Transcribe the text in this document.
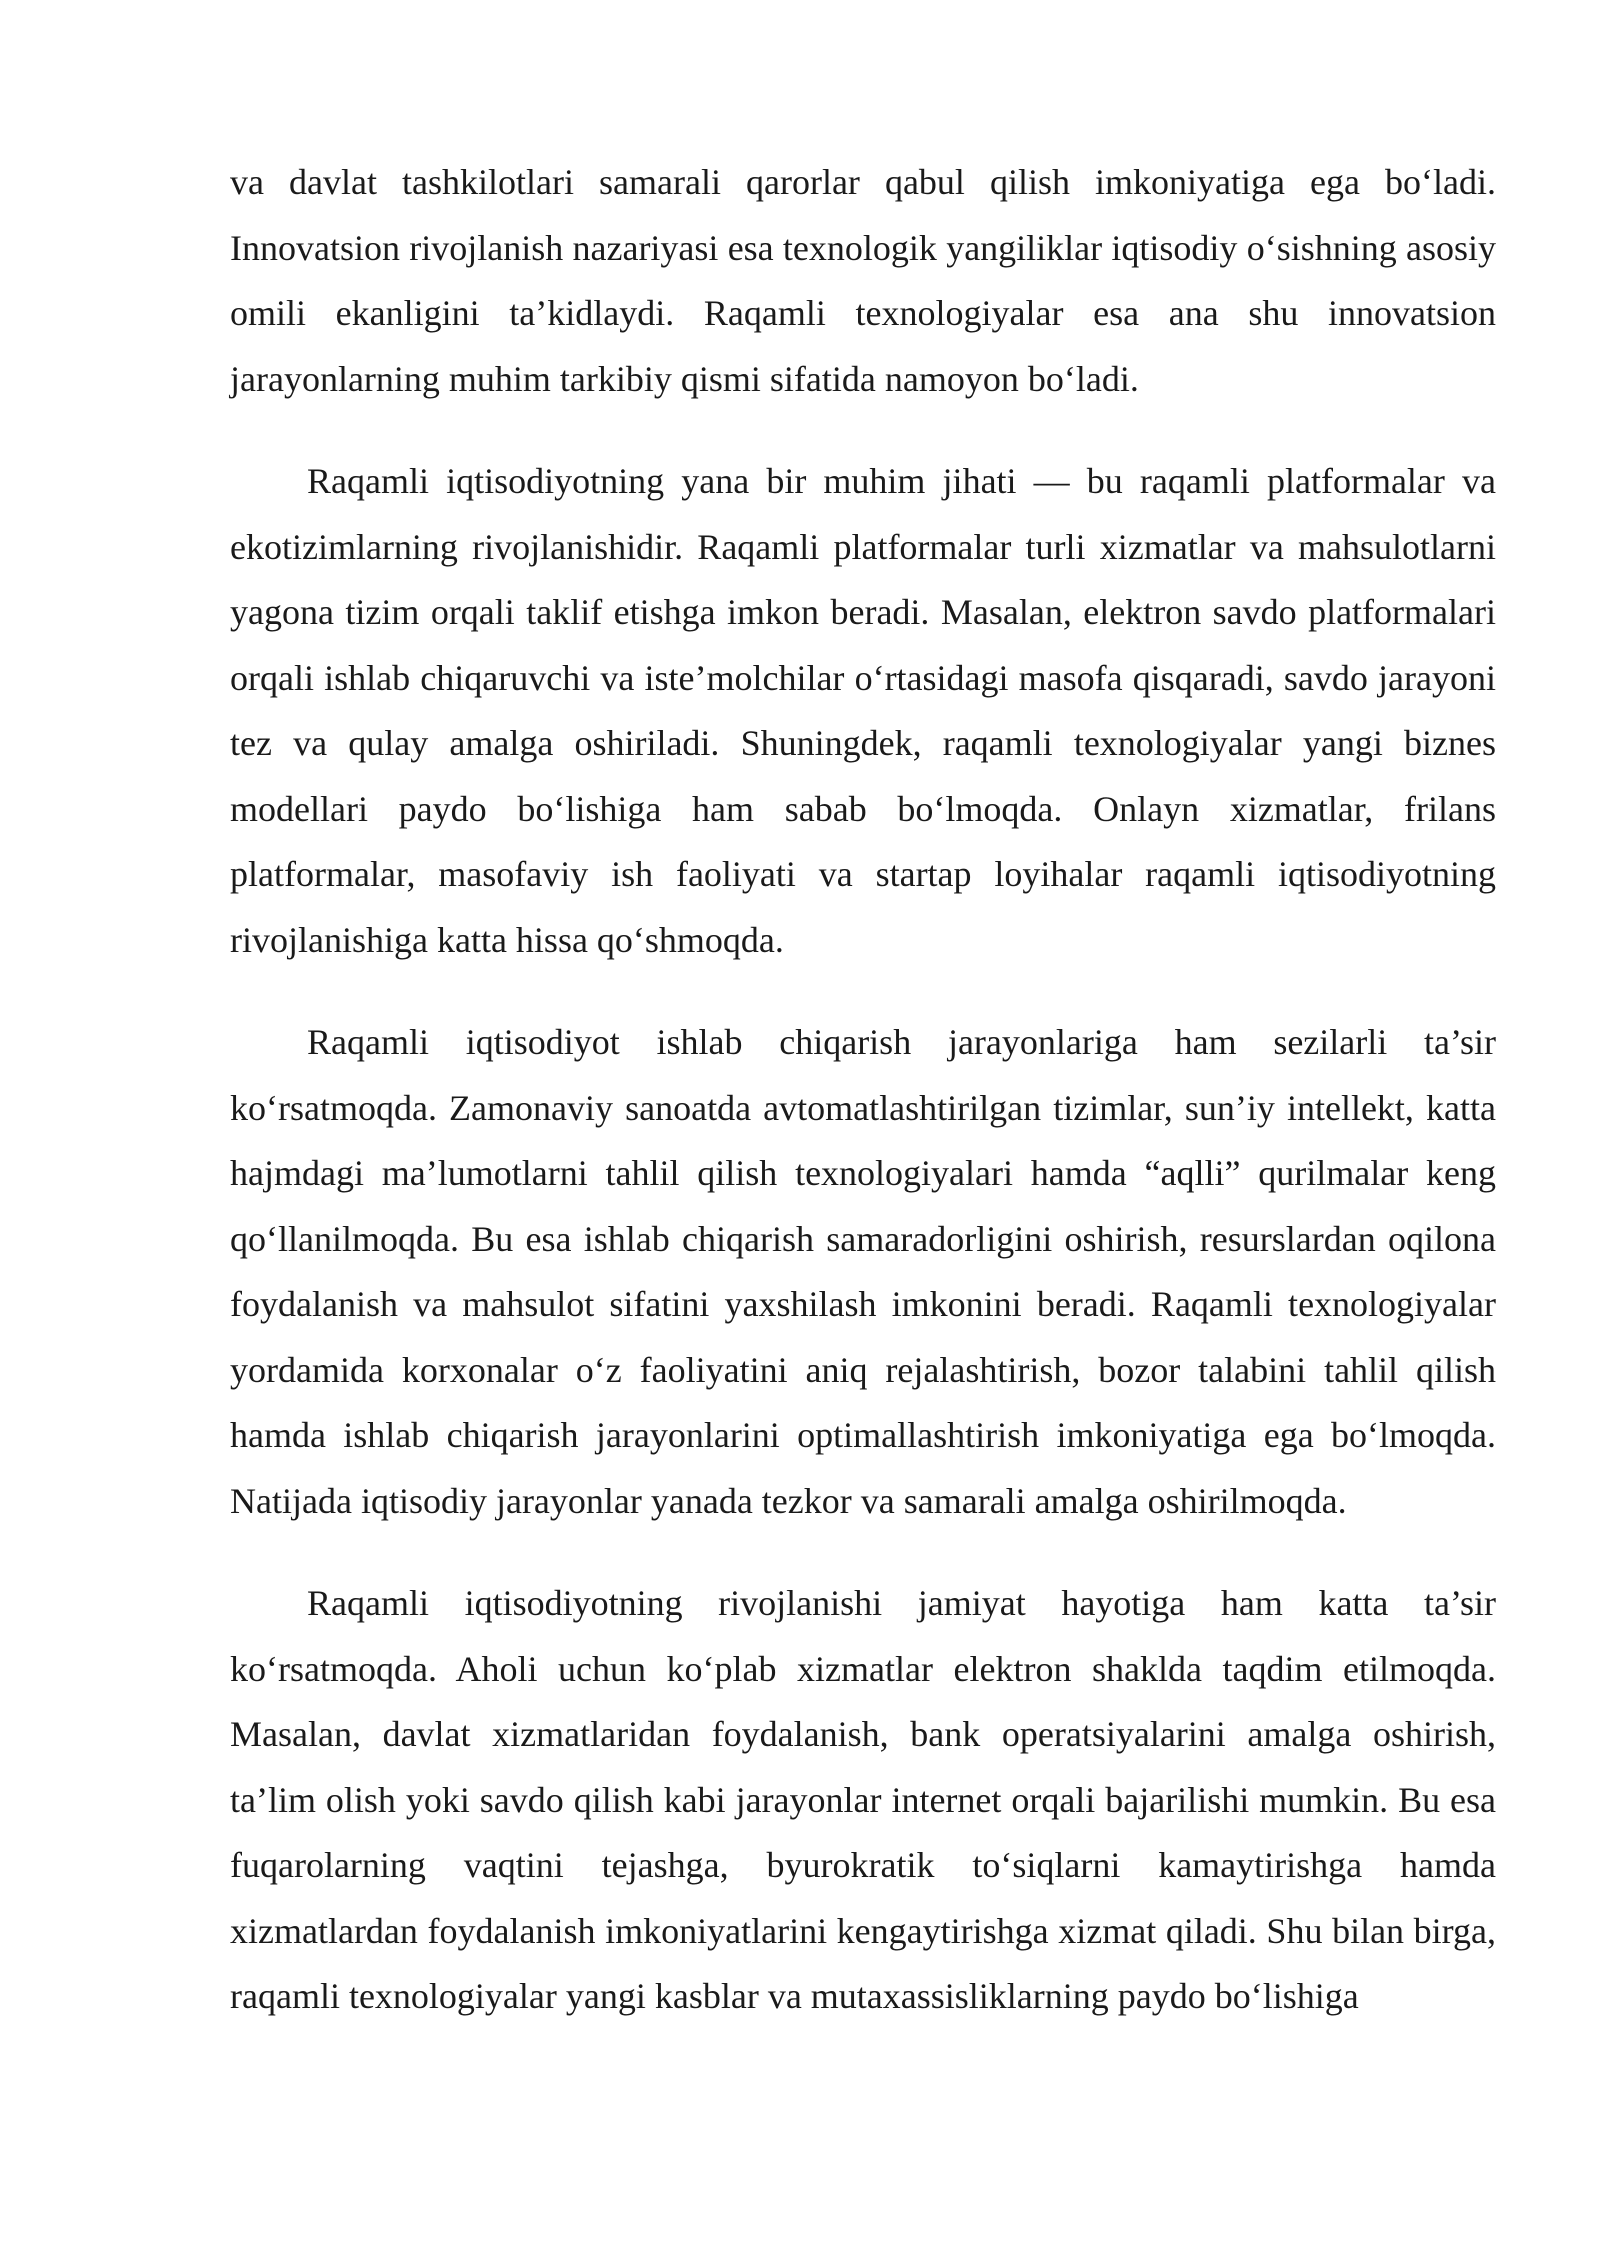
va davlat tashkilotlari samarali qarorlar qabul qilish imkoniyatiga ega bo‘ladi. Innovatsion rivojlanish nazariyasi esa texnologik yangiliklar iqtisodiy o‘sishning asosiy omili ekanligini ta’kidlaydi. Raqamli texnologiyalar esa ana shu innovatsion jarayonlarning muhim tarkibiy qismi sifatida namoyon bo‘ladi.

Raqamli iqtisodiyotning yana bir muhim jihati — bu raqamli platformalar va ekotizimlarning rivojlanishidir. Raqamli platformalar turli xizmatlar va mahsulotlarni yagona tizim orqali taklif etishga imkon beradi. Masalan, elektron savdo platformalari orqali ishlab chiqaruvchi va iste’molchilar o‘rtasidagi masofa qisqaradi, savdo jarayoni tez va qulay amalga oshiriladi. Shuningdek, raqamli texnologiyalar yangi biznes modellari paydo bo‘lishiga ham sabab bo‘lmoqda. Onlayn xizmatlar, frilans platformalar, masofaviy ish faoliyati va startap loyihalar raqamli iqtisodiyotning rivojlanishiga katta hissa qo‘shmoqda.

Raqamli iqtisodiyot ishlab chiqarish jarayonlariga ham sezilarli ta’sir ko‘rsatmoqda. Zamonaviy sanoatda avtomatlashtirilgan tizimlar, sun’iy intellekt, katta hajmdagi ma’lumotlarni tahlil qilish texnologiyalari hamda “aqlli” qurilmalar keng qo‘llanilmoqda. Bu esa ishlab chiqarish samaradorligini oshirish, resurslardan oqilona foydalanish va mahsulot sifatini yaxshilash imkonini beradi. Raqamli texnologiyalar yordamida korxonalar o‘z faoliyatini aniq rejalashtirish, bozor talabini tahlil qilish hamda ishlab chiqarish jarayonlarini optimallashtirish imkoniyatiga ega bo‘lmoqda. Natijada iqtisodiy jarayonlar yanada tezkor va samarali amalga oshirilmoqda.

Raqamli iqtisodiyotning rivojlanishi jamiyat hayotiga ham katta ta’sir ko‘rsatmoqda. Aholi uchun ko‘plab xizmatlar elektron shaklda taqdim etilmoqda. Masalan, davlat xizmatlaridan foydalanish, bank operatsiyalarini amalga oshirish, ta’lim olish yoki savdo qilish kabi jarayonlar internet orqali bajarilishi mumkin. Bu esa fuqarolarning vaqtini tejashga, byurokratik to‘siqlarni kamaytirishga hamda xizmatlardan foydalanish imkoniyatlarini kengaytirishga xizmat qiladi. Shu bilan birga, raqamli texnologiyalar yangi kasblar va mutaxassisliklarning paydo bo‘lishiga
